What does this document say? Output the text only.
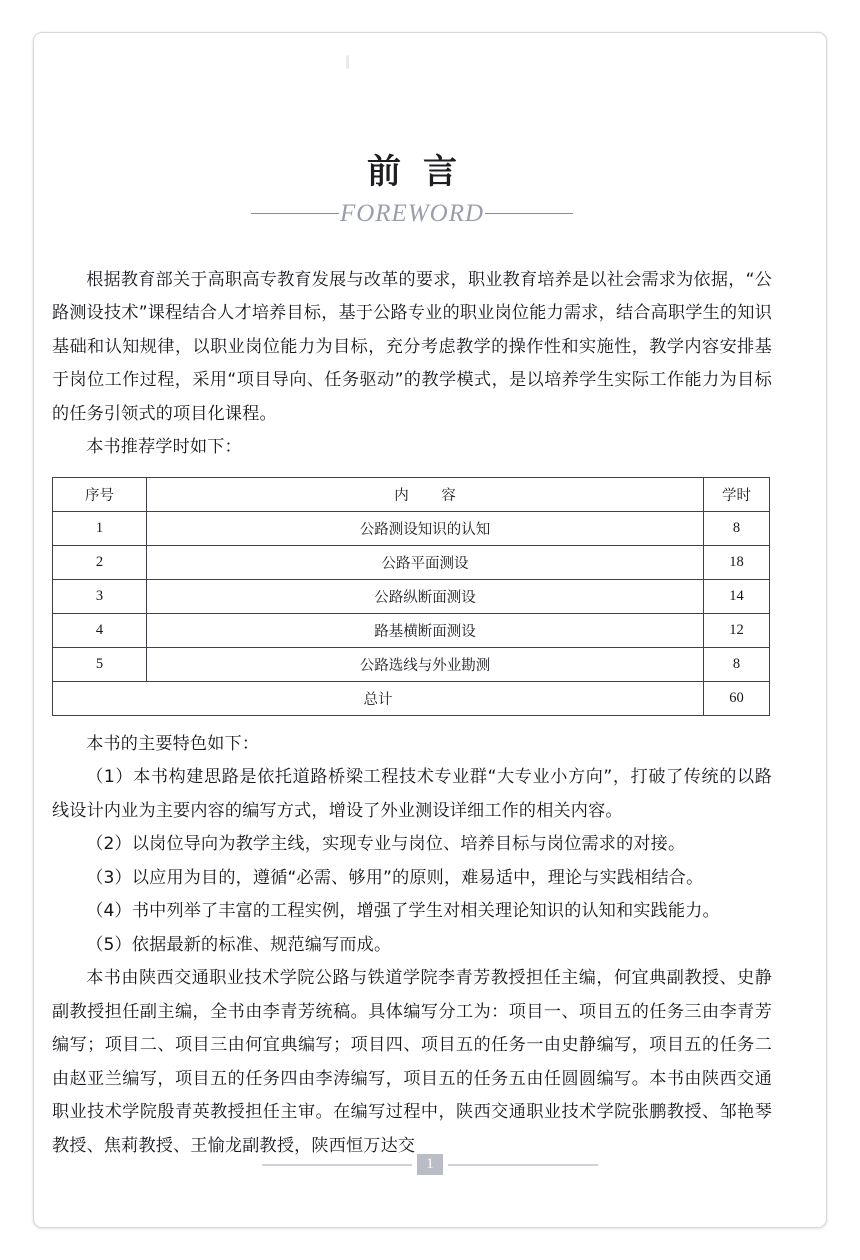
前言
FOREWORD

根据教育部关于高职高专教育发展与改革的要求，职业教育培养是以社会需求为依据，“公路测设技术”课程结合人才培养目标，基于公路专业的职业岗位能力需求，结合高职学生的知识基础和认知规律，以职业岗位能力为目标，充分考虑教学的操作性和实施性，教学内容安排基于岗位工作过程，采用“项目导向、任务驱动”的教学模式，是以培养学生实际工作能力为目标的任务引领式的项目化课程。

本书推荐学时如下：

序号	内　容	学时
1	公路测设知识的认知	8
2	公路平面测设	18
3	公路纵断面测设	14
4	路基横断面测设	12
5	公路选线与外业勘测	8
总计		60

本书的主要特色如下：

（1）本书构建思路是依托道路桥梁工程技术专业群“大专业小方向”，打破了传统的以路线设计内业为主要内容的编写方式，增设了外业测设详细工作的相关内容。

（2）以岗位导向为教学主线，实现专业与岗位、培养目标与岗位需求的对接。

（3）以应用为目的，遵循“必需、够用”的原则，难易适中，理论与实践相结合。

（4）书中列举了丰富的工程实例，增强了学生对相关理论知识的认知和实践能力。

（5）依据最新的标准、规范编写而成。

本书由陕西交通职业技术学院公路与铁道学院李青芳教授担任主编，何宜典副教授、史静副教授担任副主编，全书由李青芳统稿。具体编写分工为：项目一、项目五的任务三由李青芳编写；项目二、项目三由何宜典编写；项目四、项目五的任务一由史静编写，项目五的任务二由赵亚兰编写，项目五的任务四由李涛编写，项目五的任务五由任圆圆编写。本书由陕西交通职业技术学院殷青英教授担任主审。在编写过程中，陕西交通职业技术学院张鹏教授、邹艳琴教授、焦莉教授、王愉龙副教授，陕西恒万达交

1
